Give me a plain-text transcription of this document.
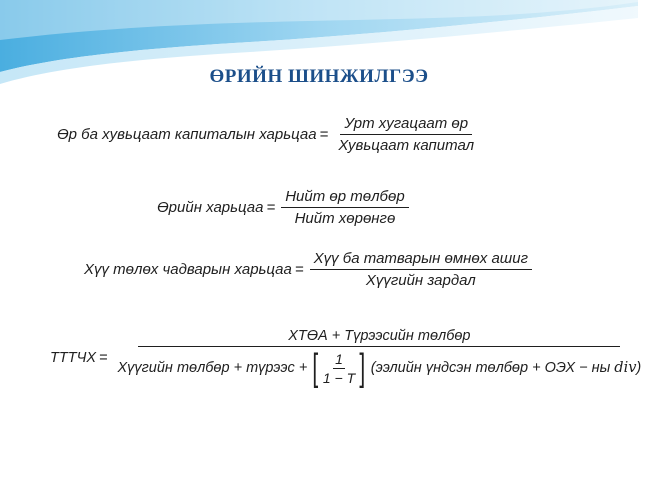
ӨРИЙН ШИНЖИЛГЭЭ
Өр ба хувьцаат капиталын харьцаа = $\frac{\text{Урт хугацаат өр}}{\text{Хувьцаат капитал}}$
Өрийн харьцаа = $\frac{\text{Нийт өр төлбөр}}{\text{Нийт хөрөнгө}}$
Хүү төлөх чадварын харьцаа = $\frac{\text{Хүү ба татварын өмнөх ашиг}}{\text{Хүүгийн зардал}}$
ТТТЧХ =
ХТӨА + Түрээсийн төлбөр
Хүүгийн төлбөр + түрээс + [ $\frac{1}{1 - T}$ ] (ээлийн үндсэн төлбөр + ОЭХ − ны div )
